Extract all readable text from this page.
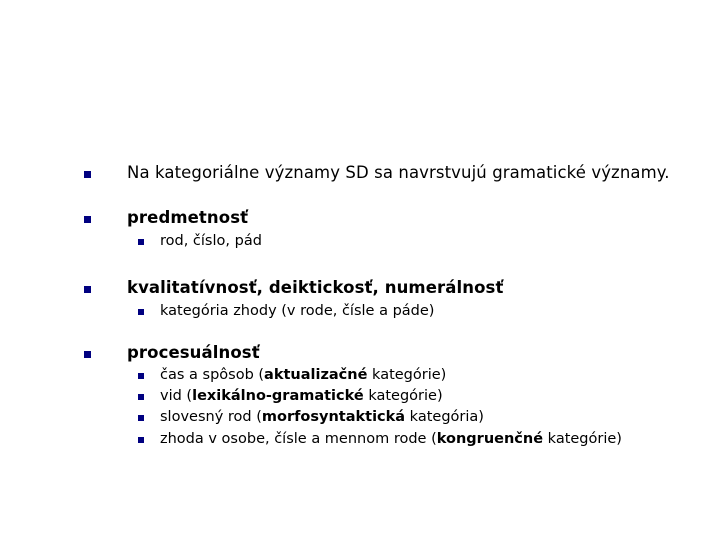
Na kategoriálne významy SD sa navrstvujú gramatické významy.
predmetnosť
rod, číslo, pád
kvalitatívnosť, deiktickosť, numerálnosť
kategória zhody (v rode, čísle a páde)
procesuálnosť
čas a spôsob (aktualizačné kategórie)
vid (lexikálno-gramatické kategórie)
slovesný rod (morfosyntaktická kategória)
zhoda v osobe, čísle a mennom rode (kongruenčné kategórie)
